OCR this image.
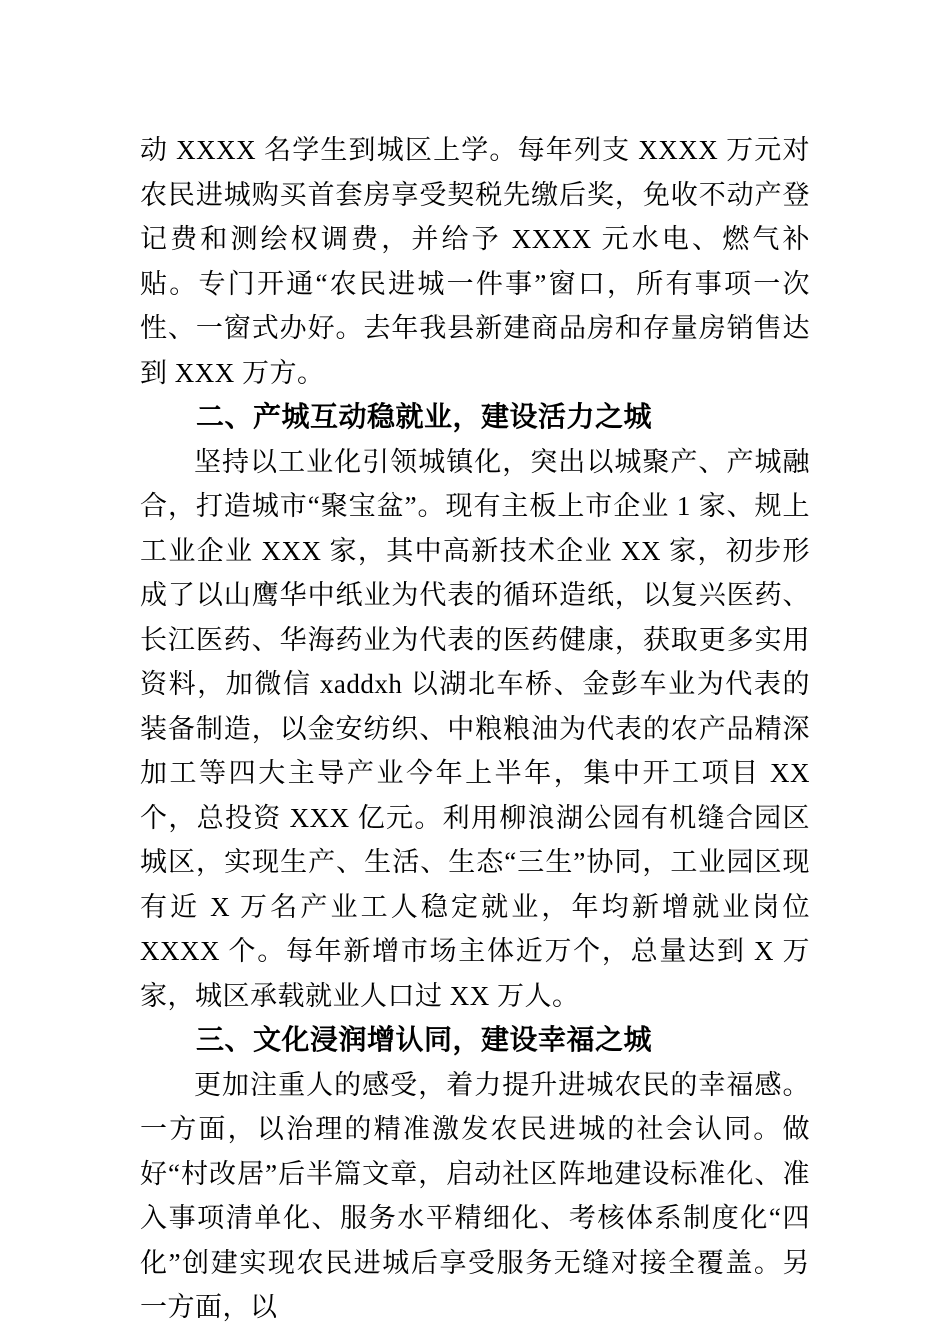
动 XXXX 名学生到城区上学。每年列支 XXXX 万元对农民进城购买首套房享受契税先缴后奖，免收不动产登记费和测绘权调费，并给予 XXXX 元水电、燃气补贴。专门开通“农民进城一件事”窗口，所有事项一次性、一窗式办好。去年我县新建商品房和存量房销售达到 XXX 万方。

二、产城互动稳就业，建设活力之城

坚持以工业化引领城镇化，突出以城聚产、产城融合，打造城市“聚宝盆”。现有主板上市企业 1 家、规上工业企业 XXX 家，其中高新技术企业 XX 家，初步形成了以山鹰华中纸业为代表的循环造纸，以复兴医药、长江医药、华海药业为代表的医药健康，获取更多实用资料，加微信 xaddxh 以湖北车桥、金彭车业为代表的装备制造，以金安纺织、中粮粮油为代表的农产品精深加工等四大主导产业今年上半年，集中开工项目 XX 个，总投资 XXX 亿元。利用柳浪湖公园有机缝合园区城区，实现生产、生活、生态“三生”协同，工业园区现有近 X 万名产业工人稳定就业，年均新增就业岗位 XXXX 个。每年新增市场主体近万个，总量达到 X 万家，城区承载就业人口过 XX 万人。

三、文化浸润增认同，建设幸福之城

更加注重人的感受，着力提升进城农民的幸福感。一方面，以治理的精准激发农民进城的社会认同。做好“村改居”后半篇文章，启动社区阵地建设标准化、准入事项清单化、服务水平精细化、考核体系制度化“四化”创建实现农民进城后享受服务无缝对接全覆盖。另一方面，以
